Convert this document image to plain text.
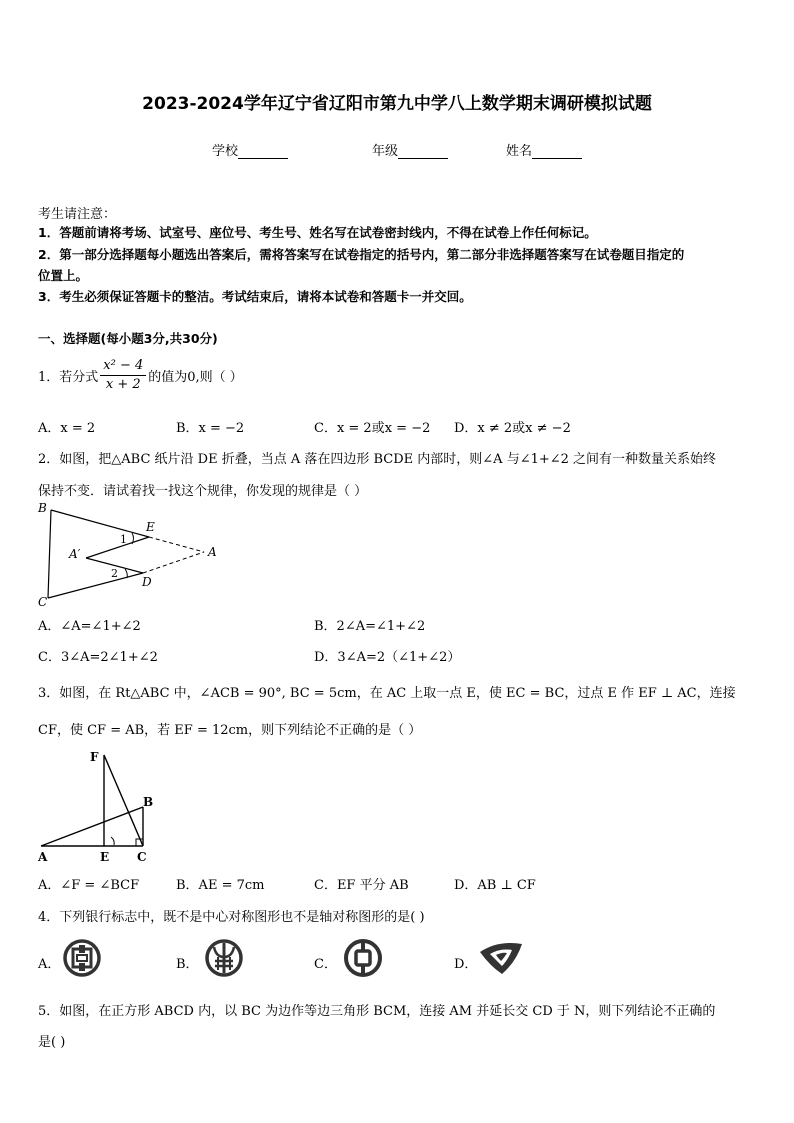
2023-2024学年辽宁省辽阳市第九中学八上数学期末调研模拟试题
学校	年级	姓名
考生请注意：
1．答题前请将考场、试室号、座位号、考生号、姓名写在试卷密封线内，不得在试卷上作任何标记。
2．第一部分选择题每小题选出答案后，需将答案写在试卷指定的括号内，第二部分非选择题答案写在试卷题目指定的
位置上。
3．考生必须保证答题卡的整洁。考试结束后，请将本试卷和答题卡一并交回。
一、选择题(每小题3分,共30分)
1．若分式 $\frac{\text{x² − 4}}{x + 2}$ 的值为0,则（ ）
A．x = 2	B．x = −2	C．x = 2或x = −2 D．x ≠ 2或x ≠ −2
2．如图，把△ABC 纸片沿 DE 折叠，当点 A 落在四边形 BCDE 内部时，则∠A 与∠1+∠2 之间有一种数量关系始终
保持不变．请试着找一找这个规律，你发现的规律是（ ）
B
C
E
D
A
A′
1
2
A．∠A=∠1+∠2	B．2∠A=∠1+∠2
C．3∠A=2∠1+∠2	D．3∠A=2（∠1+∠2）
3．如图，在 Rt△ABC 中，∠ACB = 90°, BC = 5cm，在 AC 上取一点 E，使 EC = BC，过点 E 作 EF ⊥ AC，连接
CF，使 CF = AB，若 EF = 12cm，则下列结论不正确的是（ ）
F
B
A	E C
A．∠F = ∠BCF	B．AE = 7cm	C．EF 平分 AB	D．AB ⊥ CF
4．下列银行标志中，既不是中心对称图形也不是轴对称图形的是( )
A．	B．	C．	D．
5．如图，在正方形 ABCD 内，以 BC 为边作等边三角形 BCM，连接 AM 并延长交 CD 于 N，则下列结论不正确的
是( )
